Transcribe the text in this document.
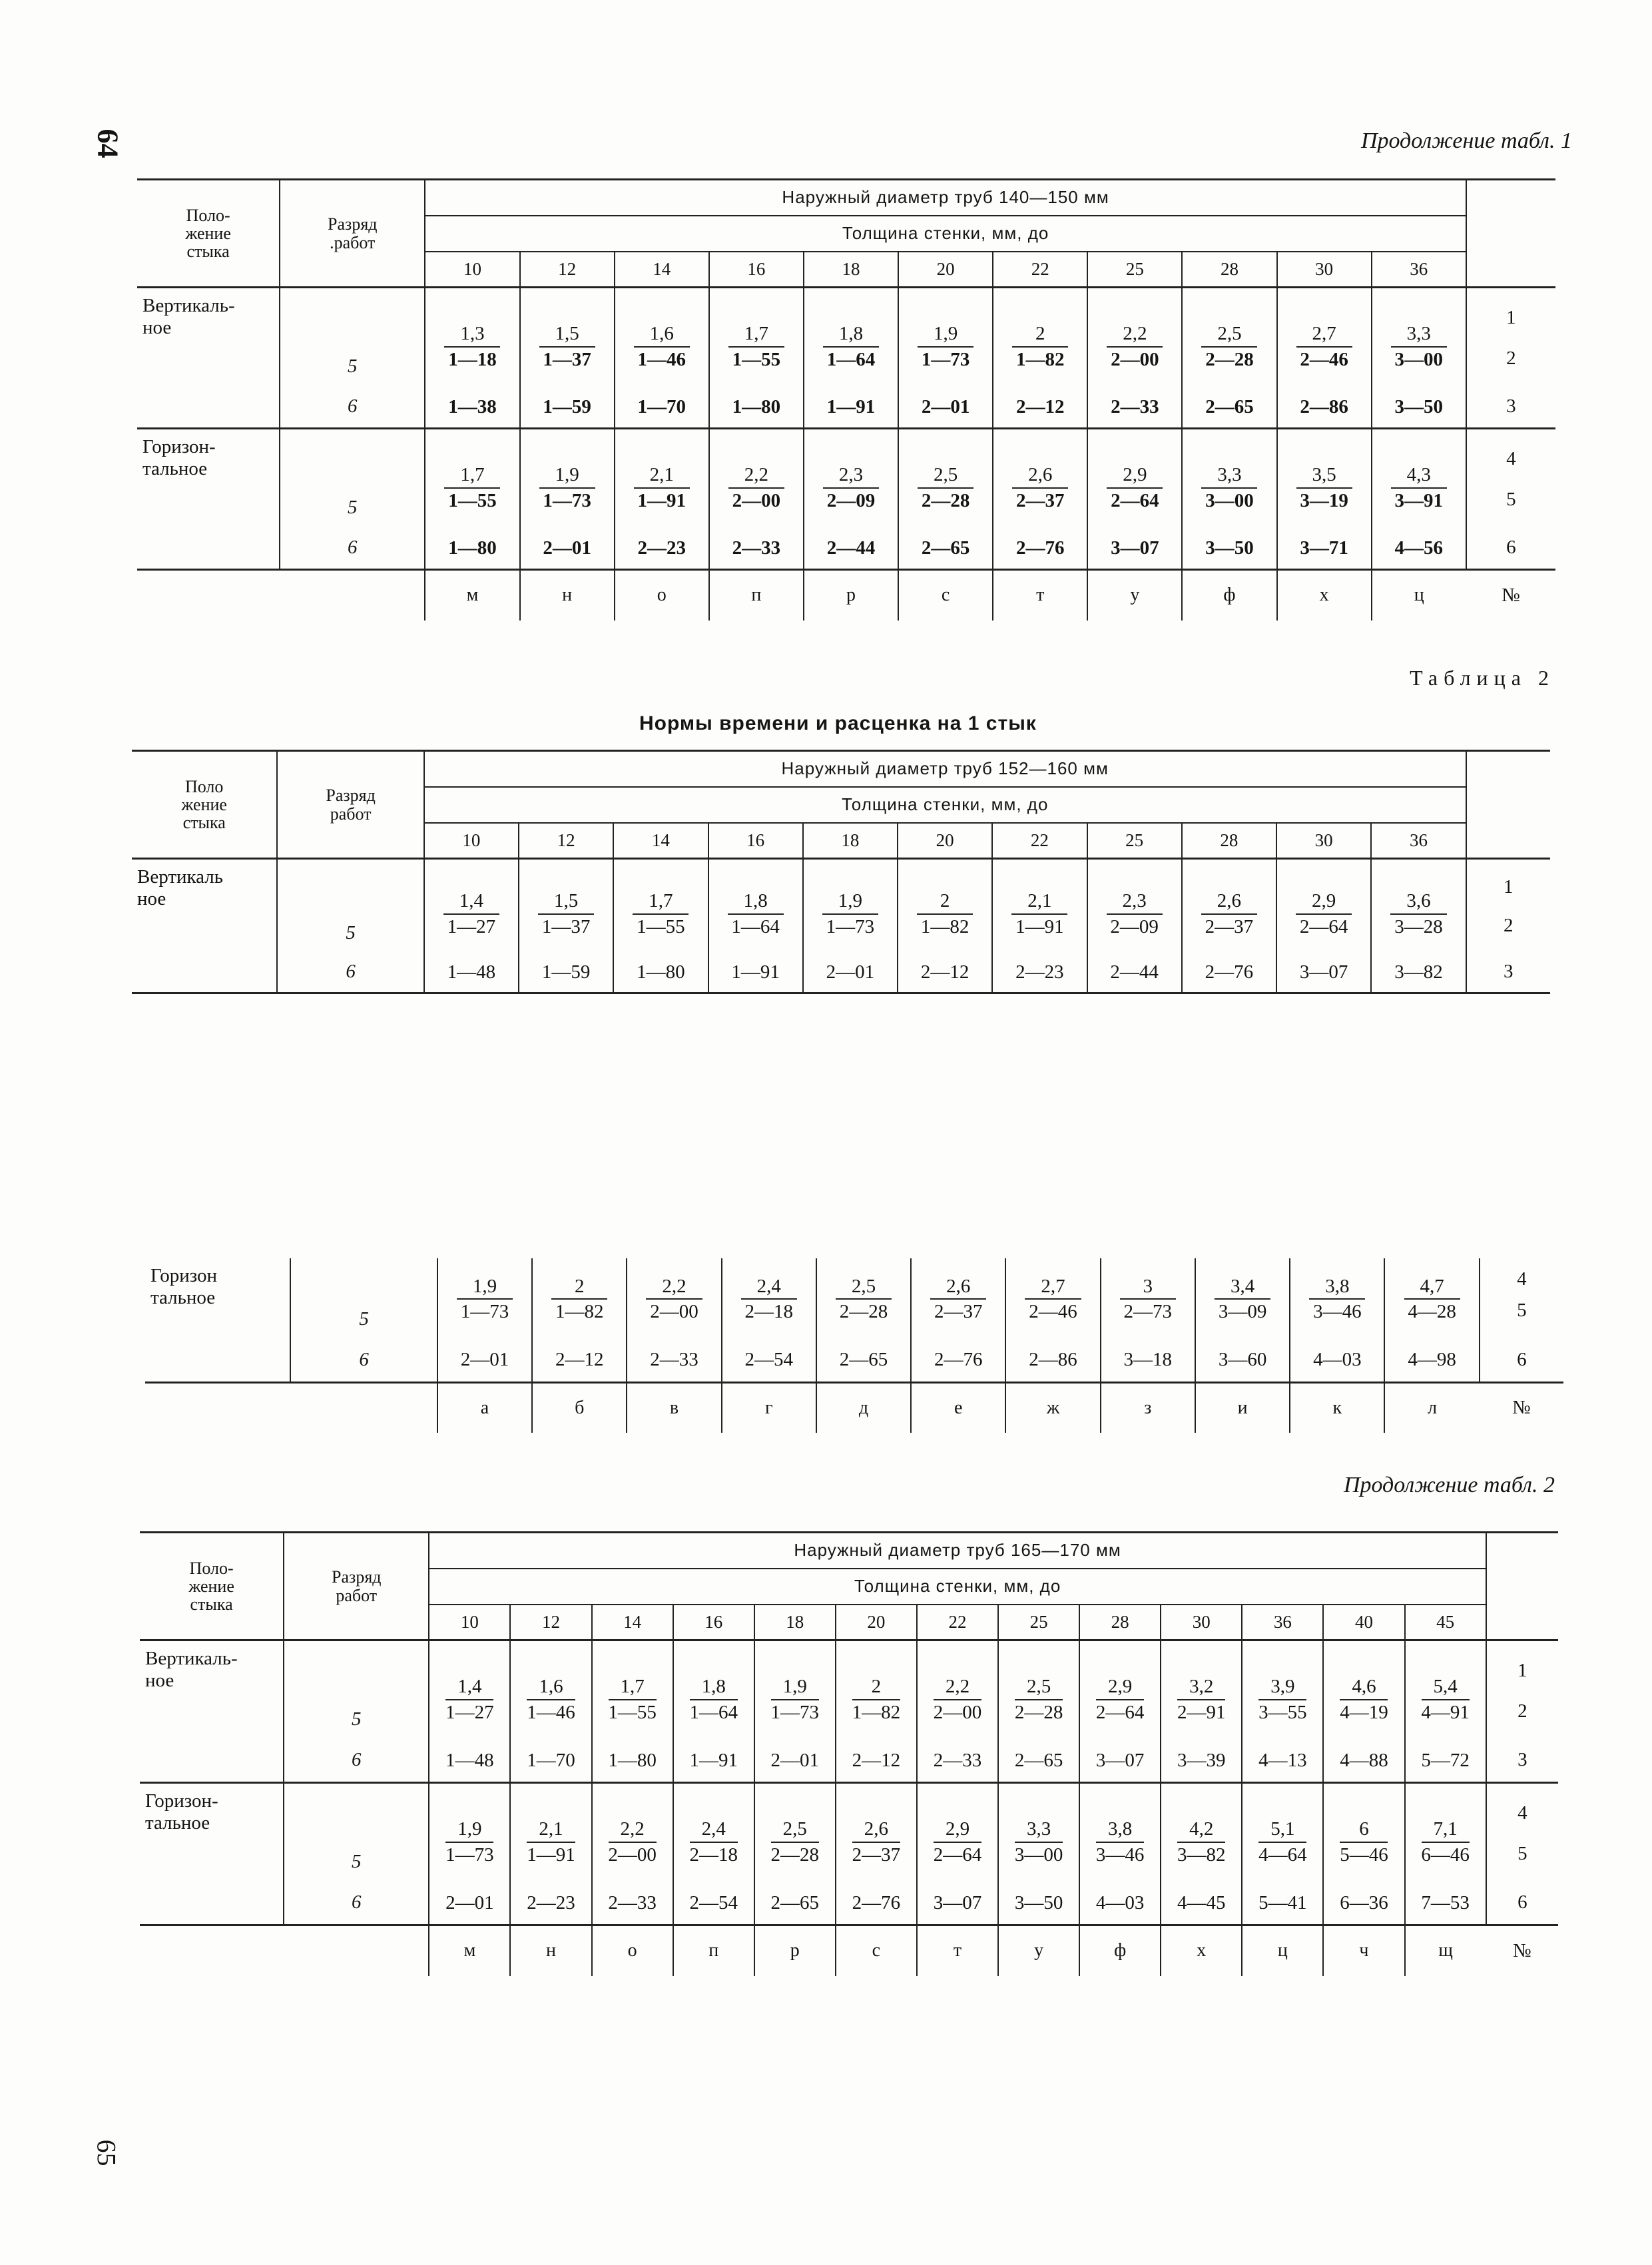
64
65
Продолжение табл. 1
Поло-
жение
стыка	Разряд
.работ	Наружный диаметр труб 140—150 мм											
		Толщина стенки, мм, до											
		10	12	14	16	18	20	22	25	28	30	36	
Вертикаль-
ное		1,3	1,5	1,6	1,7	1,8	1,9	2	2,2	2,5	2,7	3,3	1
	5	1—18	1—37	1—46	1—55	1—64	1—73	1—82	2—00	2—28	2—46	3—00	2
	6	1—38	1—59	1—70	1—80	1—91	2—01	2—12	2—33	2—65	2—86	3—50	3
Горизон-
тальное		1,7	1,9	2,1	2,2	2,3	2,5	2,6	2,9	3,3	3,5	4,3	4
	5	1—55	1—73	1—91	2—00	2—09	2—28	2—37	2—64	3—00	3—19	3—91	5
	6	1—80	2—01	2—23	2—33	2—44	2—65	2—76	3—07	3—50	3—71	4—56	6
		м	н	о	п	р	с	т	у	ф	х	ц	№
Таблица 2
Нормы времени и расценка на 1 стык
Поло
жение
стыка	Разряд
работ	Наружный диаметр труб 152—160 мм											
		Толщина стенки, мм, до											
		10	12	14	16	18	20	22	25	28	30	36	
Вертикаль
ное		1,4	1,5	1,7	1,8	1,9	2	2,1	2,3	2,6	2,9	3,6	1
	5	1—27	1—37	1—55	1—64	1—73	1—82	1—91	2—09	2—37	2—64	3—28	2
	6	1—48	1—59	1—80	1—91	2—01	2—12	2—23	2—44	2—76	3—07	3—82	3
Горизон
тальное		1,9	2	2,2	2,4	2,5	2,6	2,7	3	3,4	3,8	4,7	4
	5	1—73	1—82	2—00	2—18	2—28	2—37	2—46	2—73	3—09	3—46	4—28	5
	6	2—01	2—12	2—33	2—54	2—65	2—76	2—86	3—18	3—60	4—03	4—98	6
		а	б	в	г	д	е	ж	з	и	к	л	№
Продолжение табл. 2
Поло-
жение
стыка	Разряд
работ	Наружный диаметр труб 165—170 мм													
		Толщина стенки, мм, до													
		10	12	14	16	18	20	22	25	28	30	36	40	45	
Вертикаль-
ное		1,4	1,6	1,7	1,8	1,9	2	2,2	2,5	2,9	3,2	3,9	4,6	5,4	1
	5	1—27	1—46	1—55	1—64	1—73	1—82	2—00	2—28	2—64	2—91	3—55	4—19	4—91	2
	6	1—48	1—70	1—80	1—91	2—01	2—12	2—33	2—65	3—07	3—39	4—13	4—88	5—72	3
Горизон-
тальное		1,9	2,1	2,2	2,4	2,5	2,6	2,9	3,3	3,8	4,2	5,1	6	7,1	4
	5	1—73	1—91	2—00	2—18	2—28	2—37	2—64	3—00	3—46	3—82	4—64	5—46	6—46	5
	6	2—01	2—23	2—33	2—54	2—65	2—76	3—07	3—50	4—03	4—45	5—41	6—36	7—53	6
		м	н	о	п	р	с	т	у	ф	х	ц	ч	щ	№
